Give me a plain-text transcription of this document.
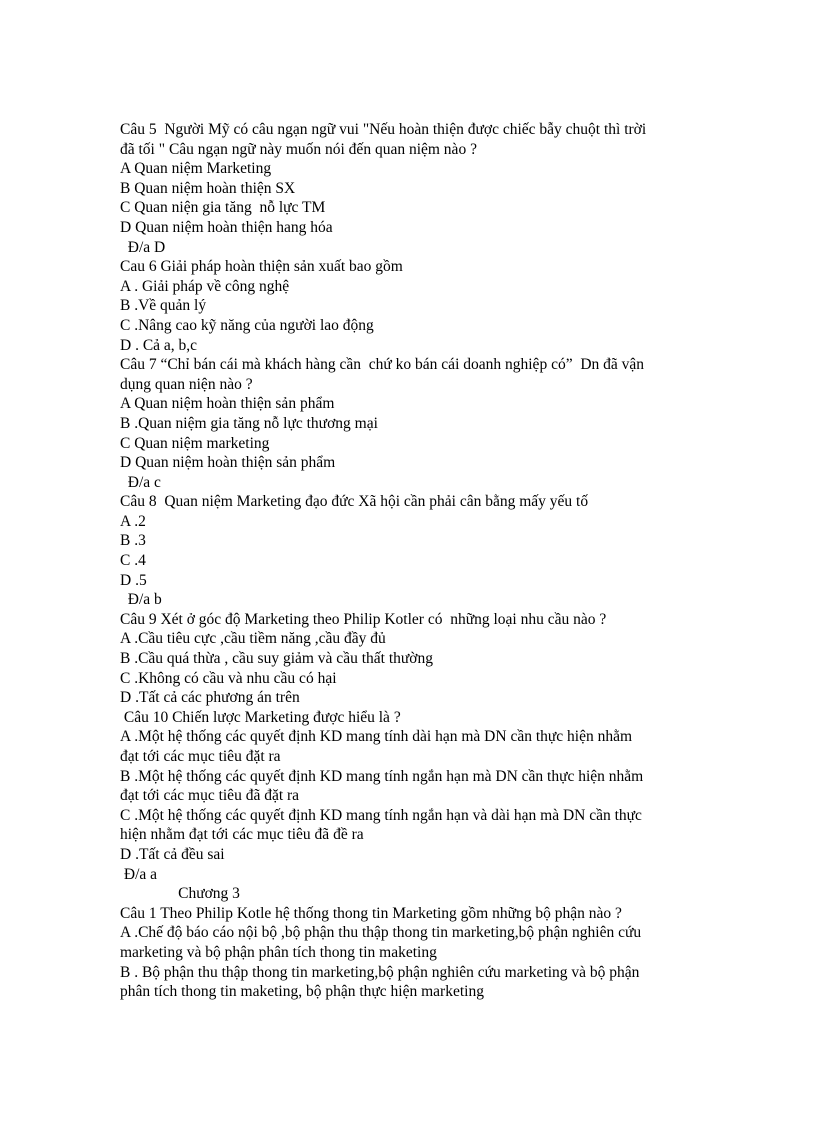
Câu 5  Người Mỹ có câu ngạn ngữ vui "Nếu hoàn thiện được chiếc bẫy chuột thì trời
đã tối " Câu ngạn ngữ này muốn nói đến quan niệm nào ?
A Quan niệm Marketing
B Quan niệm hoàn thiện SX
C Quan niện gia tăng  nỗ lực TM
D Quan niệm hoàn thiện hang hóa
Đ/a D
Cau 6 Giải pháp hoàn thiện sản xuất bao gồm
A . Giải pháp về công nghệ
B .Về quản lý
C .Nâng cao kỹ năng của người lao động
D . Cả a, b,c
Câu 7 “Chỉ bán cái mà khách hàng cần  chứ ko bán cái doanh nghiệp có”  Dn đã vận
dụng quan niện nào ?
A Quan niệm hoàn thiện sản phẩm
B .Quan niệm gia tăng nỗ lực thương mại
C Quan niệm marketing
D Quan niệm hoàn thiện sản phẩm
Đ/a c
Câu 8  Quan niệm Marketing đạo đức Xã hội cần phải cân bằng mấy yếu tố
A .2
B .3
C .4
D .5
Đ/a b
Câu 9 Xét ở góc độ Marketing theo Philip Kotler có  những loại nhu cầu nào ?
A .Cầu tiêu cực ,cầu tiềm năng ,cầu đầy đủ
B .Cầu quá thừa , cầu suy giảm và cầu thất thường
C .Không có cầu và nhu cầu có hại
D .Tất cả các phương án trên
Câu 10 Chiến lược Marketing được hiểu là ?
A .Một hệ thống các quyết định KD mang tính dài hạn mà DN cần thực hiện nhằm
đạt tới các mục tiêu đặt ra
B .Một hệ thống các quyết định KD mang tính ngắn hạn mà DN cần thực hiện nhằm
đạt tới các mục tiêu đã đặt ra
C .Một hệ thống các quyết định KD mang tính ngắn hạn và dài hạn mà DN cần thực
hiện nhằm đạt tới các mục tiêu đã đề ra
D .Tất cả đều sai
Đ/a a
Chương 3
Câu 1 Theo Philip Kotle hệ thống thong tin Marketing gồm những bộ phận nào ?
A .Chế độ báo cáo nội bộ ,bộ phận thu thập thong tin marketing,bộ phận nghiên cứu
marketing và bộ phận phân tích thong tin maketing
B . Bộ phận thu thập thong tin marketing,bộ phận nghiên cứu marketing và bộ phận
phân tích thong tin maketing, bộ phận thực hiện marketing
